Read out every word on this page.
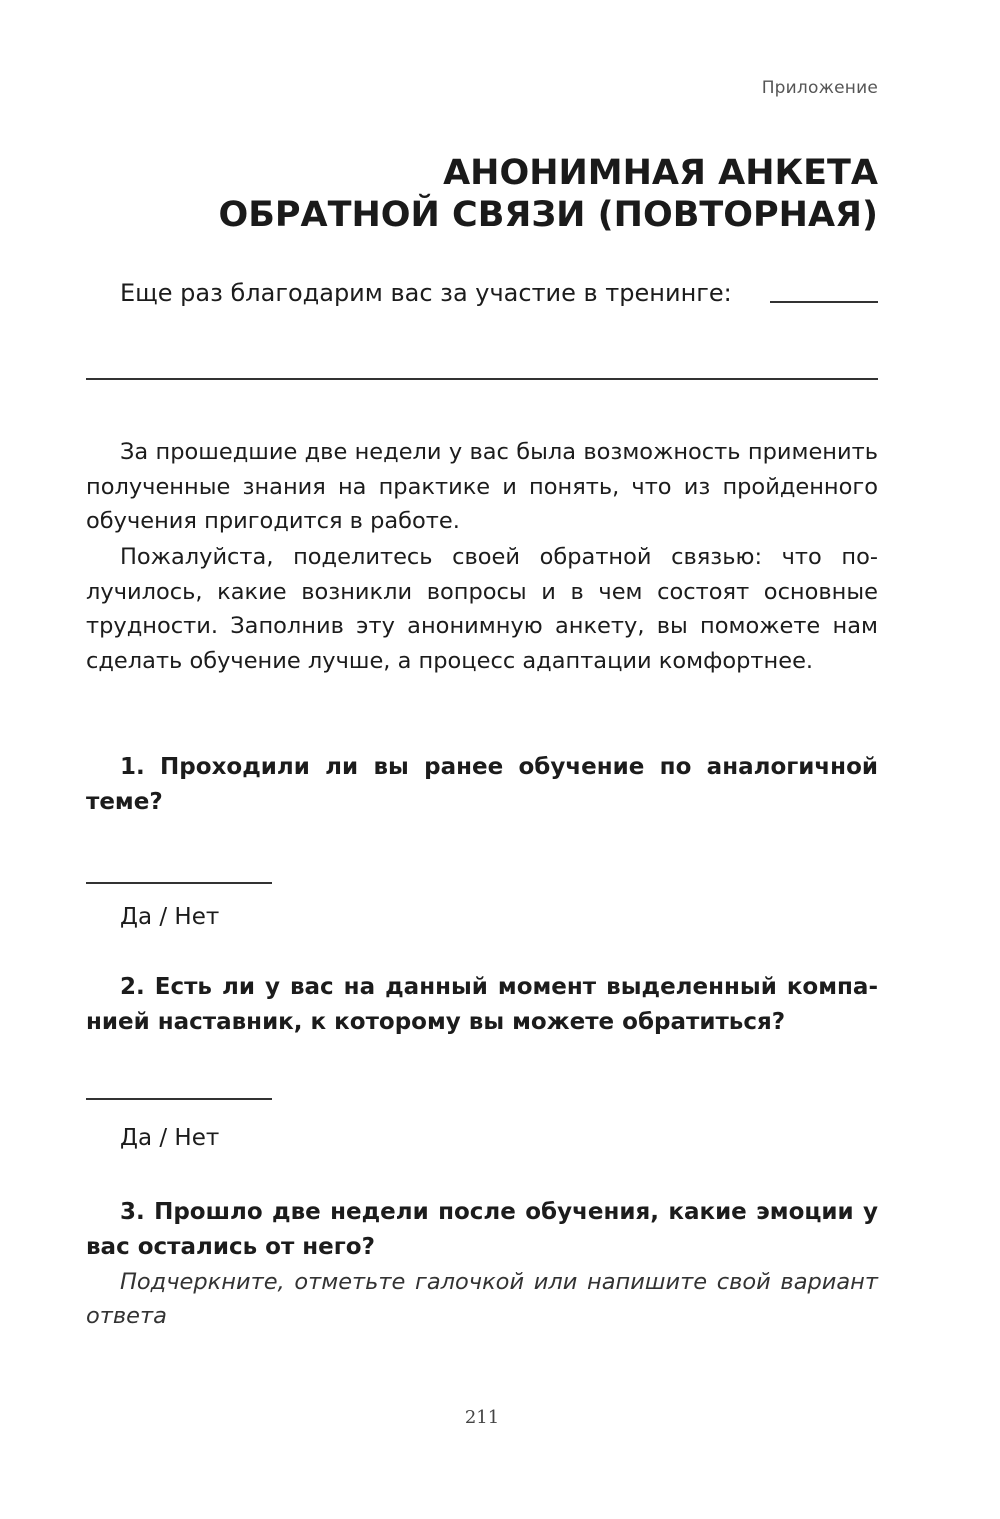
Приложение
АНОНИМНАЯ АНКЕТА
ОБРАТНОЙ СВЯЗИ (ПОВТОРНАЯ)
Еще раз благодарим вас за участие в тренинге:

За прошедшие две недели у вас была возможность применить полученные знания на практике и понять, что из пройденного обучения пригодится в работе.

Пожалуйста, поделитесь своей обратной связью: что получилось, какие возникли вопросы и в чем состоят основные трудности. Заполнив эту анонимную анкету, вы поможете нам сделать обучение лучше, а процесс адаптации комфортнее.

1. Проходили ли вы ранее обучение по аналогичной теме?

Да / Нет

2. Есть ли у вас на данный момент выделенный компанией наставник, к которому вы можете обратиться?

Да / Нет

3. Прошло две недели после обучения, какие эмоции у вас остались от него?

Подчеркните, отметьте галочкой или напишите свой вариант ответа

211
